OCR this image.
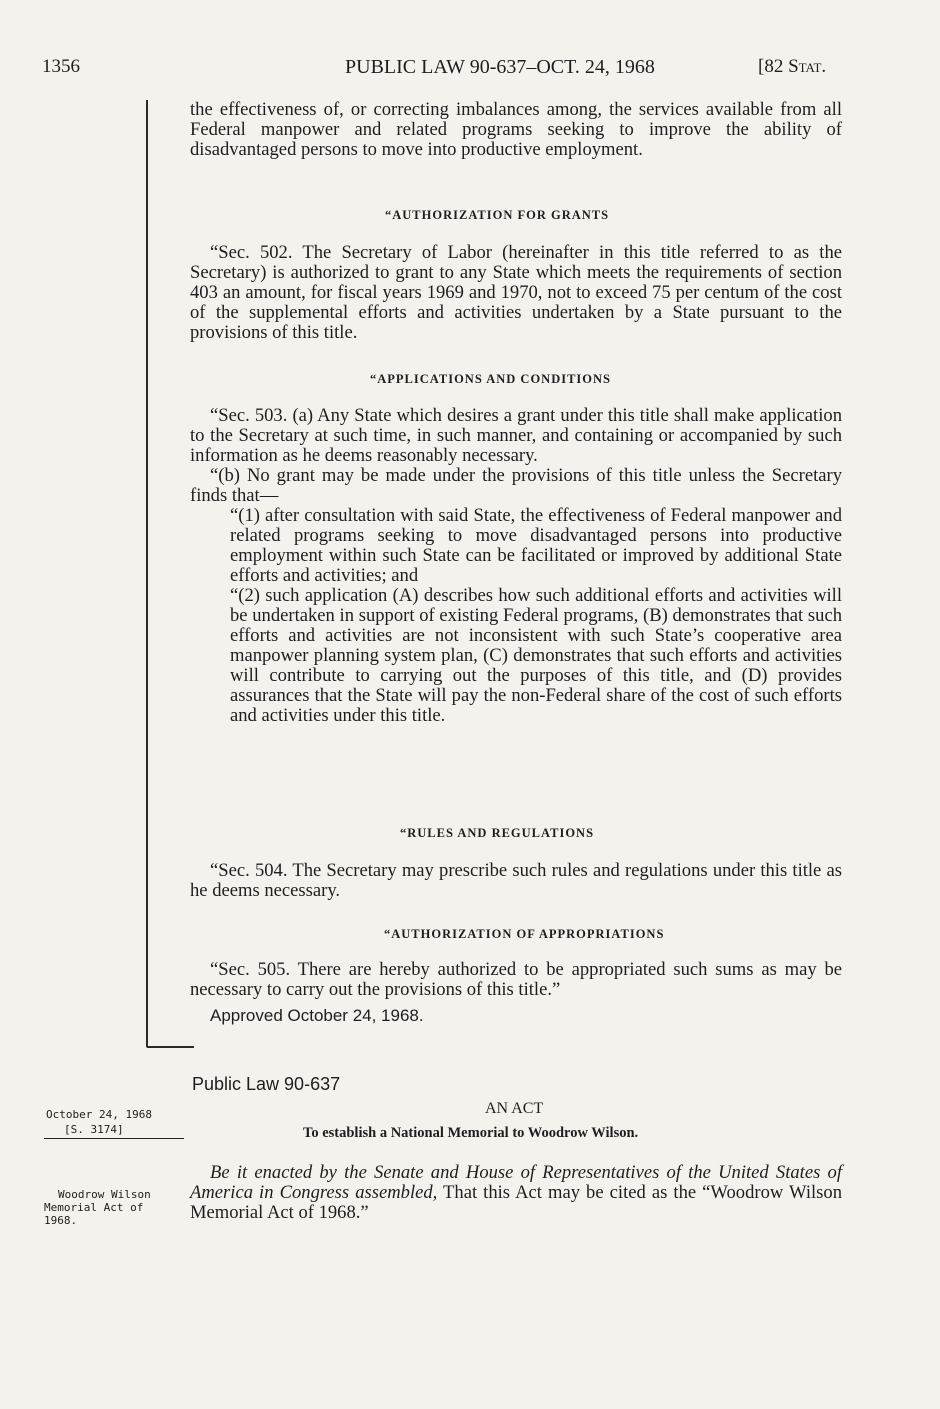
1356	PUBLIC LAW 90-637–OCT. 24, 1968	[82 Stat.

the effectiveness of, or correcting imbalances among, the services available from all Federal manpower and related programs seeking to improve the ability of disadvantaged persons to move into productive employment.

“AUTHORIZATION FOR GRANTS

“Sec. 502. The Secretary of Labor (hereinafter in this title referred to as the Secretary) is authorized to grant to any State which meets the requirements of section 403 an amount, for fiscal years 1969 and 1970, not to exceed 75 per centum of the cost of the supplemental efforts and activities undertaken by a State pursuant to the provisions of this title.

“APPLICATIONS AND CONDITIONS

“Sec. 503. (a) Any State which desires a grant under this title shall make application to the Secretary at such time, in such manner, and containing or accompanied by such information as he deems reasonably necessary.

“(b) No grant may be made under the provisions of this title unless the Secretary finds that—

“(1) after consultation with said State, the effectiveness of Federal manpower and related programs seeking to move disadvantaged persons into productive employment within such State can be facilitated or improved by additional State efforts and activities; and

“(2) such application (A) describes how such additional efforts and activities will be undertaken in support of existing Federal programs, (B) demonstrates that such efforts and activities are not inconsistent with such State’s cooperative area manpower planning system plan, (C) demonstrates that such efforts and activities will contribute to carrying out the purposes of this title, and (D) provides assurances that the State will pay the non-Federal share of the cost of such efforts and activities under this title.

“RULES AND REGULATIONS

“Sec. 504. The Secretary may prescribe such rules and regulations under this title as he deems necessary.

“AUTHORIZATION OF APPROPRIATIONS

“Sec. 505. There are hereby authorized to be appropriated such sums as may be necessary to carry out the provisions of this title.”

Approved October 24, 1968.

Public Law 90-637
AN ACT
To establish a National Memorial to Woodrow Wilson.
October 24, 1968
[S. 3174]

Be it enacted by the Senate and House of Representatives of the United States of America in Congress assembled, That this Act may be cited as the “Woodrow Wilson Memorial Act of 1968.”

Woodrow Wilson
Memorial Act of
1968.
